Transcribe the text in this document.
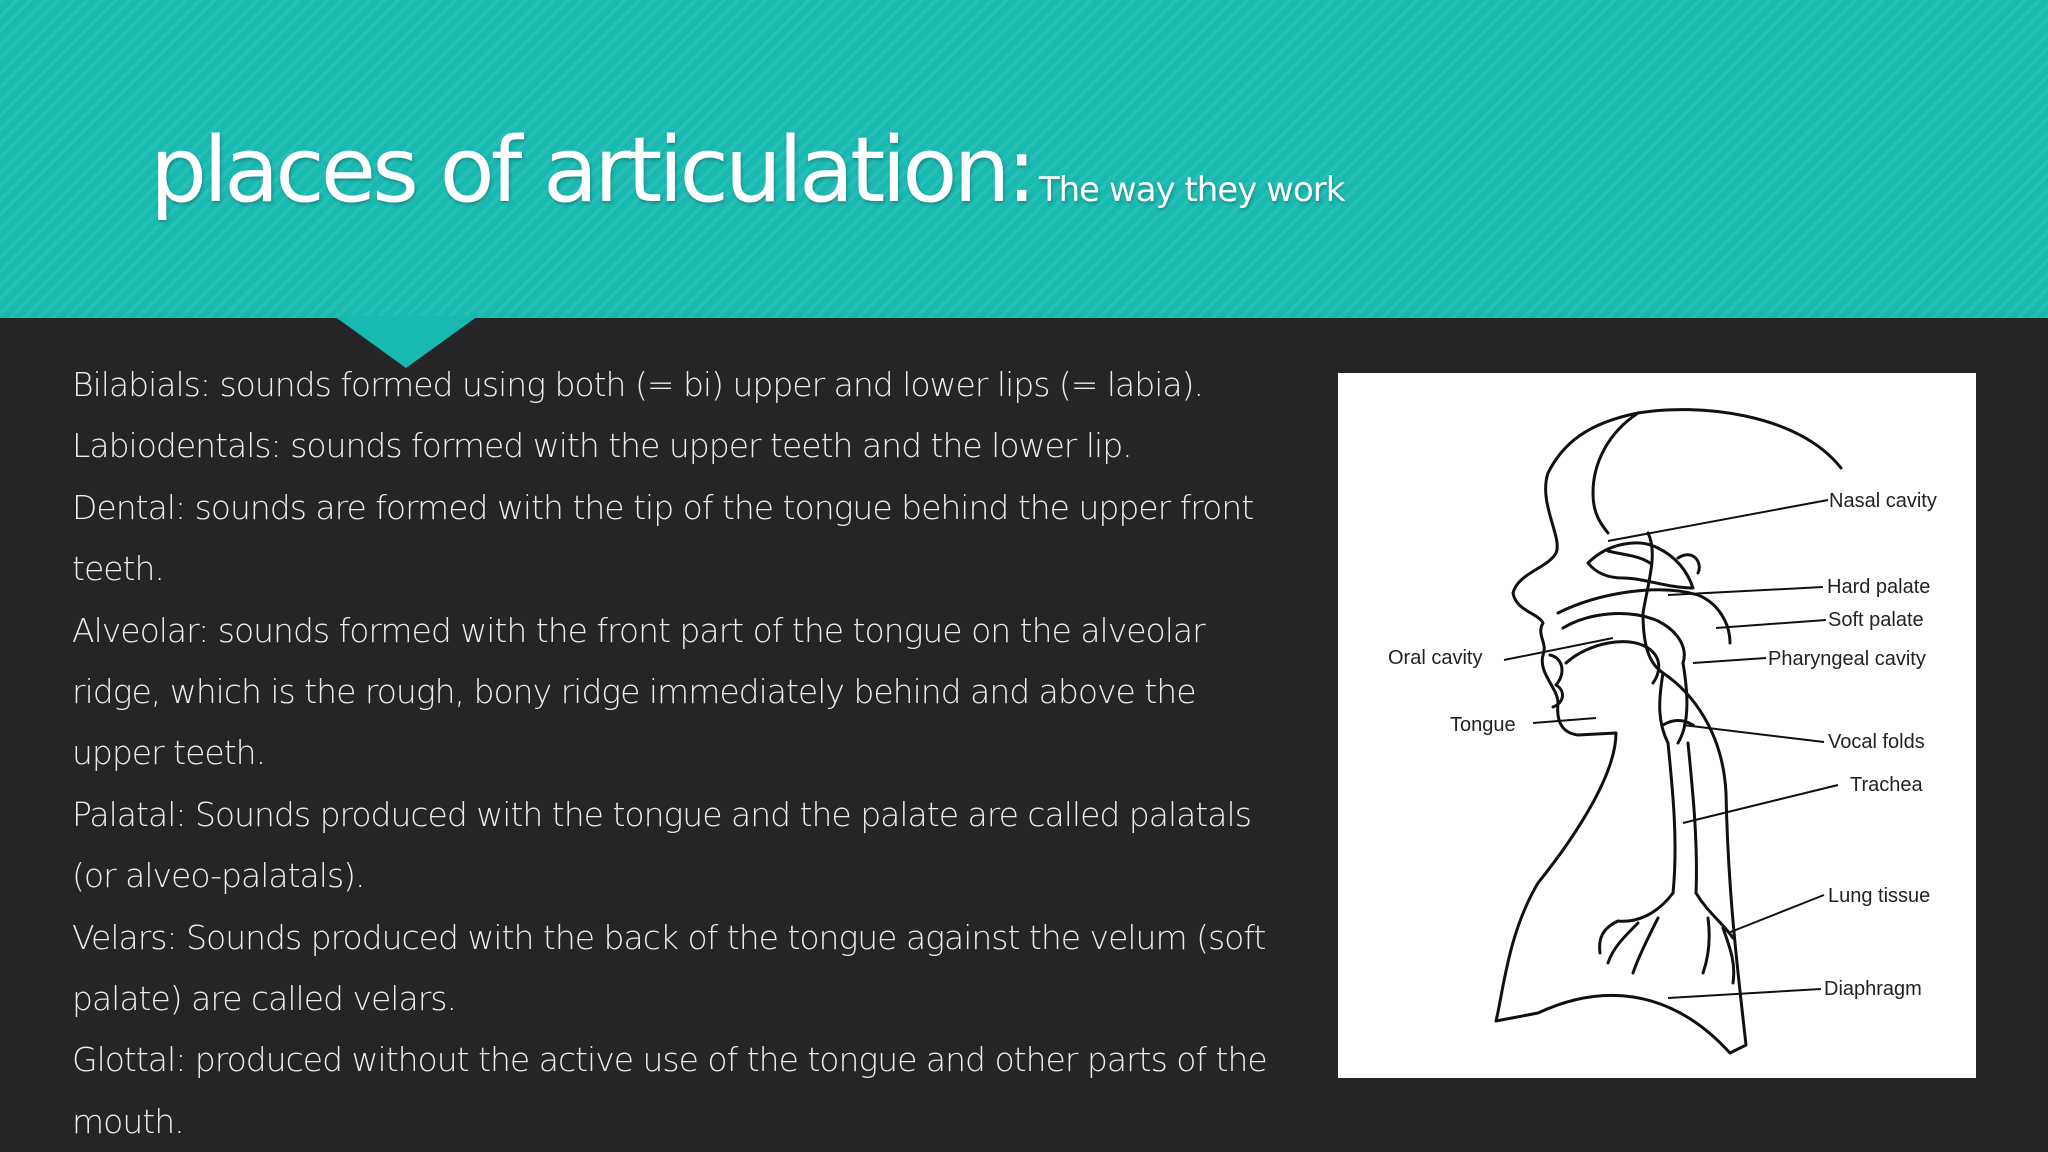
places of articulation: The way they work

Bilabials: sounds formed using both (= bi) upper and lower lips (= labia).

Labiodentals: sounds formed with the upper teeth and the lower lip.

Dental: sounds are formed with the tip of the tongue behind the upper front teeth.

Alveolar: sounds formed with the front part of the tongue on the alveolar ridge, which is the rough, bony ridge immediately behind and above the upper teeth.

Palatal: Sounds produced with the tongue and the palate are called palatals (or alveo-palatals).

Velars: Sounds produced with the back of the tongue against the velum (soft palate) are called velars.

Glottal: produced without the active use of the tongue and other parts of the mouth.

Nasal cavity
Hard palate
Soft palate
Pharyngeal cavity
Oral cavity
Tongue
Vocal folds
Trachea
Lung tissue
Diaphragm
